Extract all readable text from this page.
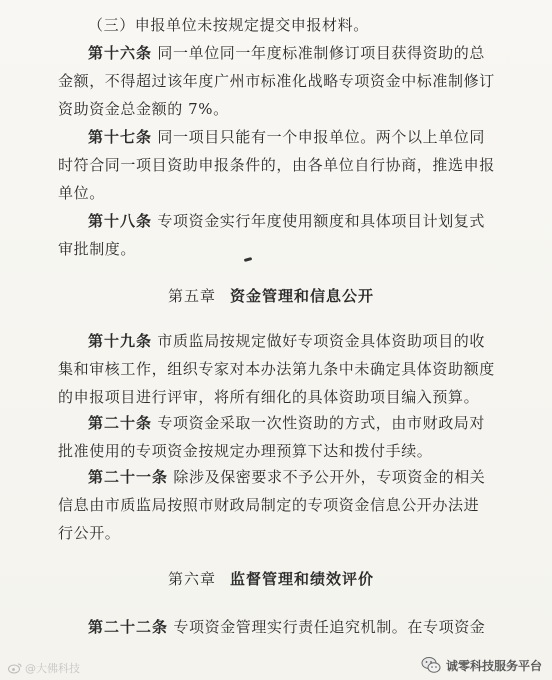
（三）申报单位未按规定提交申报材料。
第十六条 同一单位同一年度标准制修订项目获得资助的总
金额，不得超过该年度广州市标准化战略专项资金中标准制修订
资助资金总金额的 7%。
第十七条 同一项目只能有一个申报单位。两个以上单位同
时符合同一项目资助申报条件的，由各单位自行协商，推选申报
单位。
第十八条 专项资金实行年度使用额度和具体项目计划复式
审批制度。
第五章 资金管理和信息公开
第十九条 市质监局按规定做好专项资金具体资助项目的收
集和审核工作，组织专家对本办法第九条中未确定具体资助额度
的申报项目进行评审，将所有细化的具体资助项目编入预算。
第二十条 专项资金采取一次性资助的方式，由市财政局对
批准使用的专项资金按规定办理预算下达和拨付手续。
第二十一条 除涉及保密要求不予公开外，专项资金的相关
信息由市质监局按照市财政局制定的专项资金信息公开办法进
行公开。
第六章 监督管理和绩效评价
第二十二条 专项资金管理实行责任追究机制。在专项资金
@大佛科技	诚零科技服务平台
